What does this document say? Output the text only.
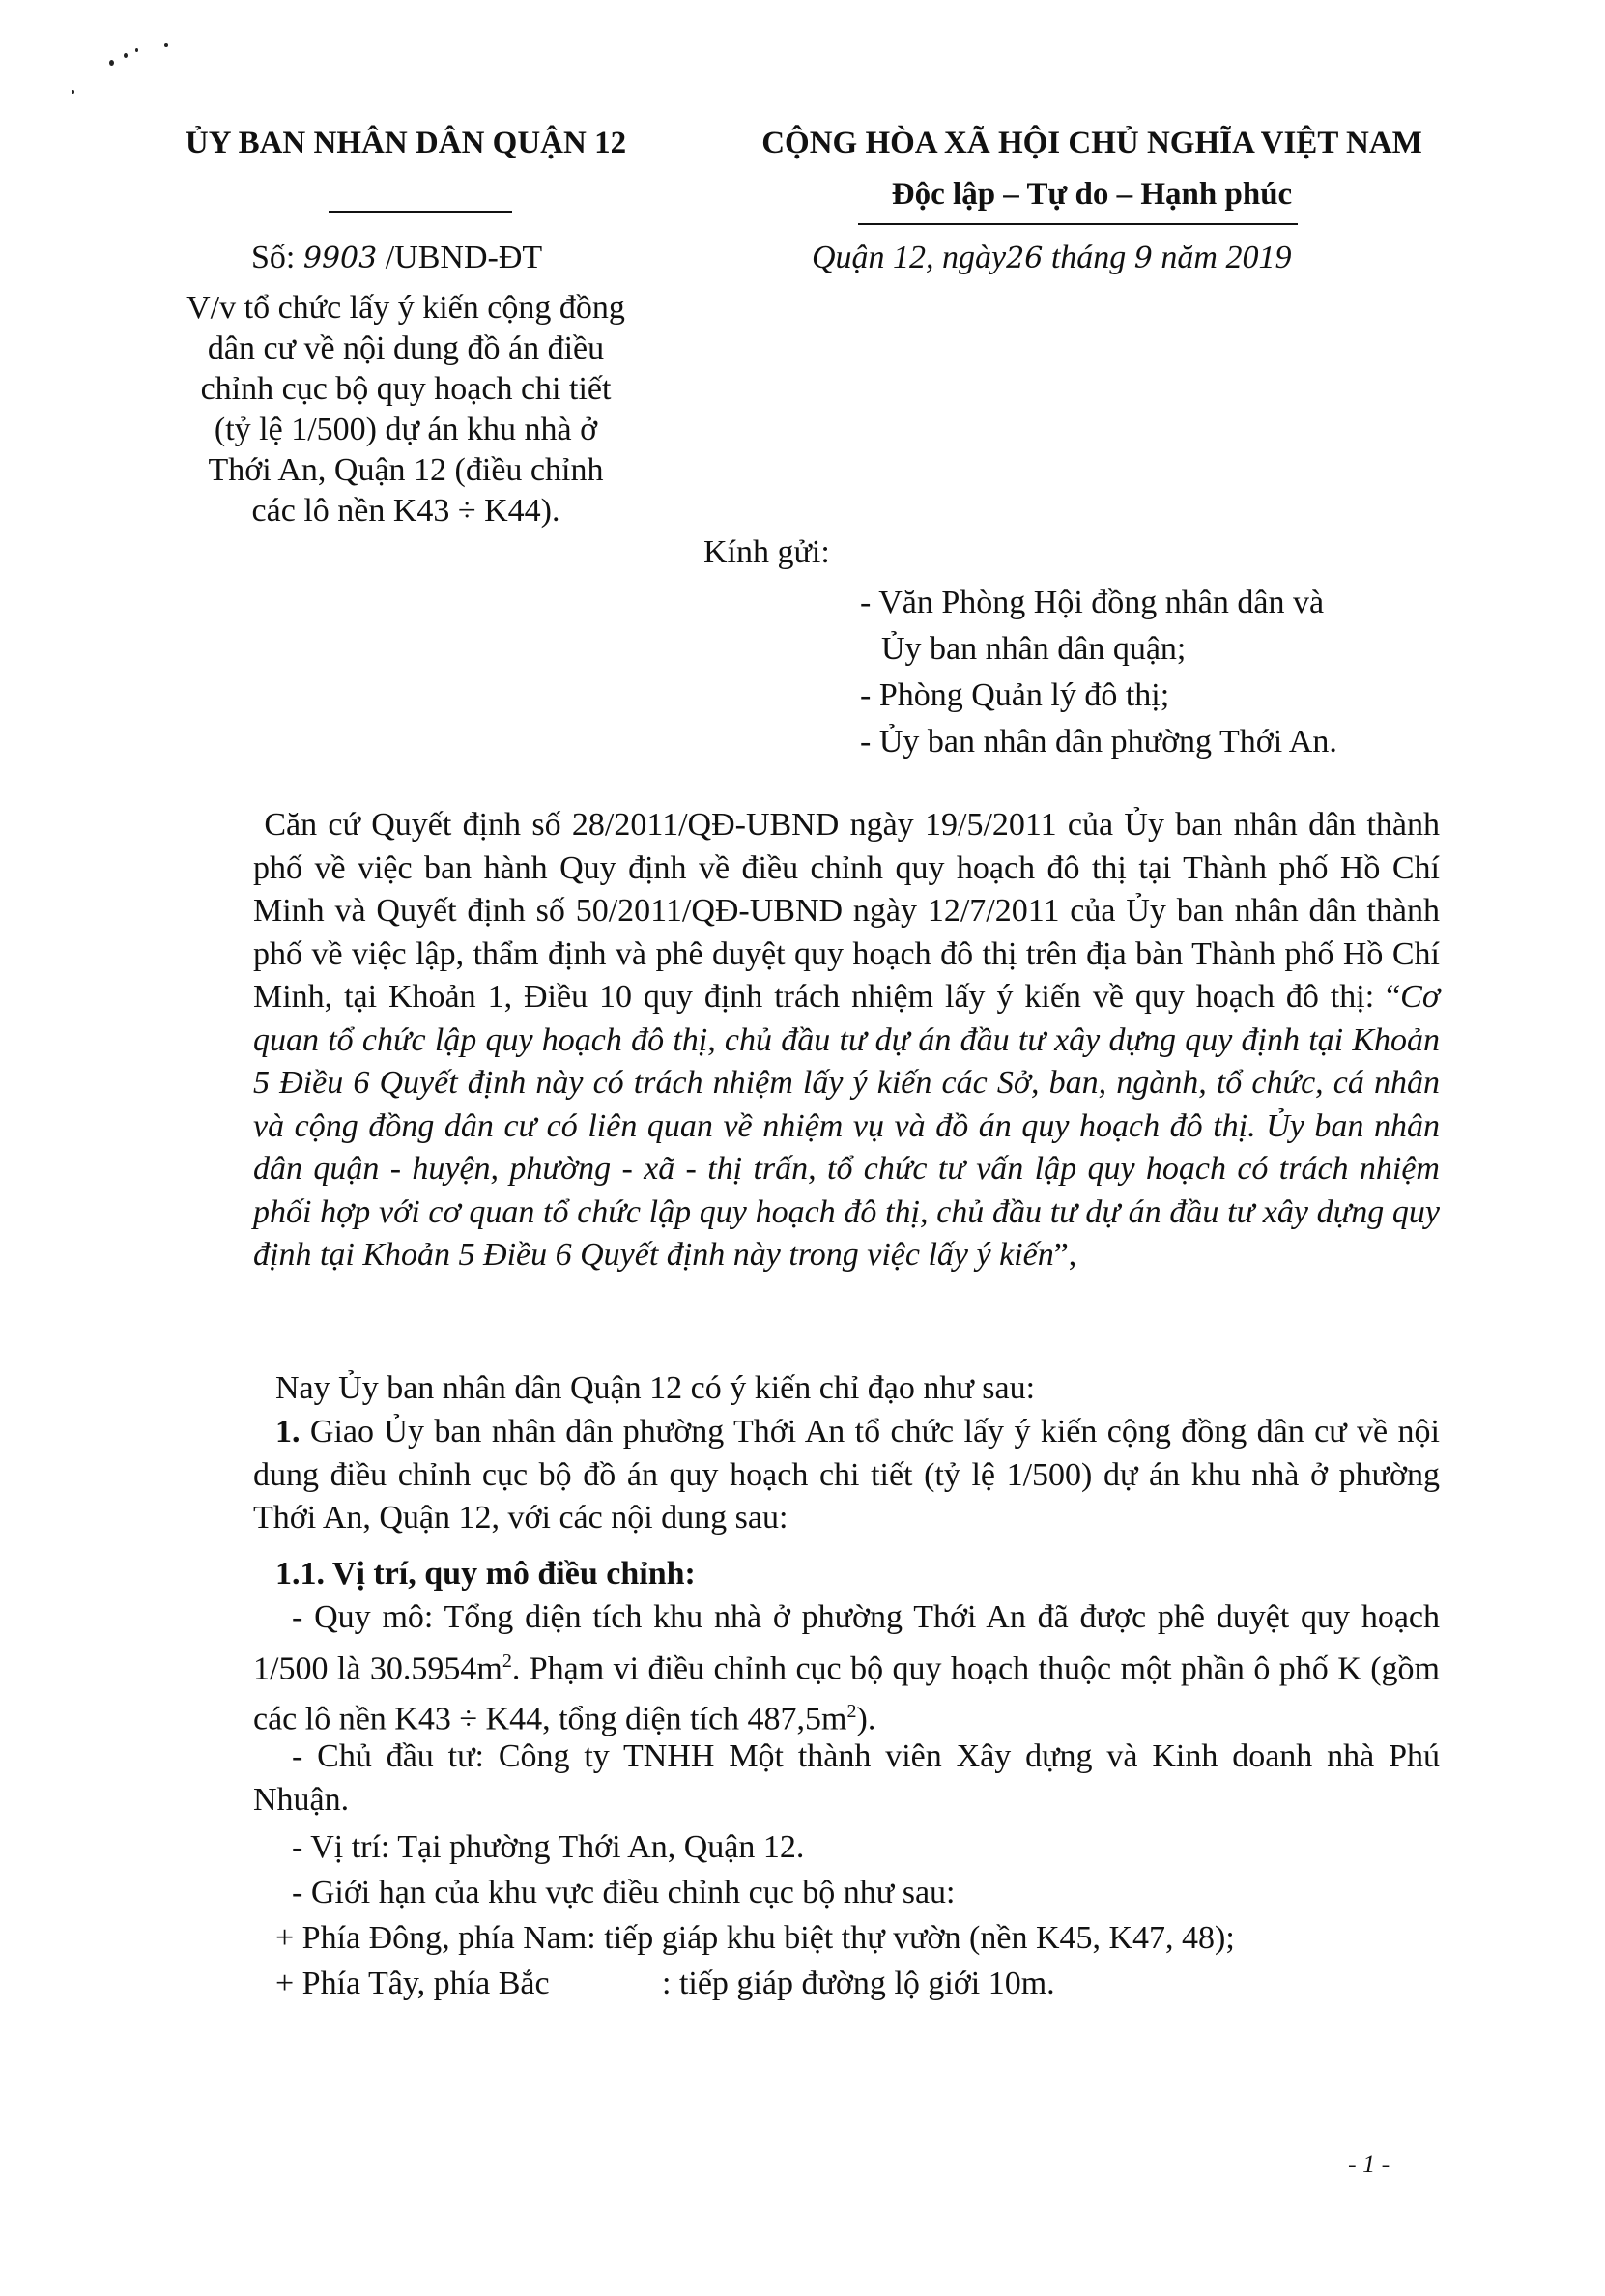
ỦY BAN NHÂN DÂN QUẬN 12	CỘNG HÒA XÃ HỘI CHỦ NGHĨA VIỆT NAM
Độc lập – Tự do – Hạnh phúc
Số: 9903 /UBND-ĐT	Quận 12, ngày26 tháng 9 năm 2019
V/v tổ chức lấy ý kiến cộng đồng
dân cư về nội dung đồ án điều
chỉnh cục bộ quy hoạch chi tiết
(tỷ lệ 1/500) dự án khu nhà ở
Thới An, Quận 12 (điều chỉnh
các lô nền K43 ÷ K44).
Kính gửi:
- Văn Phòng Hội đồng nhân dân và
Ủy ban nhân dân quận;
- Phòng Quản lý đô thị;
- Ủy ban nhân dân phường Thới An.
Căn cứ Quyết định số 28/2011/QĐ-UBND ngày 19/5/2011 của Ủy ban nhân dân thành phố về việc ban hành Quy định về điều chỉnh quy hoạch đô thị tại Thành phố Hồ Chí Minh và Quyết định số 50/2011/QĐ-UBND ngày 12/7/2011 của Ủy ban nhân dân thành phố về việc lập, thẩm định và phê duyệt quy hoạch đô thị trên địa bàn Thành phố Hồ Chí Minh, tại Khoản 1, Điều 10 quy định trách nhiệm lấy ý kiến về quy hoạch đô thị: “Cơ quan tổ chức lập quy hoạch đô thị, chủ đầu tư dự án đầu tư xây dựng quy định tại Khoản 5 Điều 6 Quyết định này có trách nhiệm lấy ý kiến các Sở, ban, ngành, tổ chức, cá nhân và cộng đồng dân cư có liên quan về nhiệm vụ và đồ án quy hoạch đô thị. Ủy ban nhân dân quận - huyện, phường - xã - thị trấn, tổ chức tư vấn lập quy hoạch có trách nhiệm phối hợp với cơ quan tổ chức lập quy hoạch đô thị, chủ đầu tư dự án đầu tư xây dựng quy định tại Khoản 5 Điều 6 Quyết định này trong việc lấy ý kiến”,
Nay Ủy ban nhân dân Quận 12 có ý kiến chỉ đạo như sau:
1. Giao Ủy ban nhân dân phường Thới An tổ chức lấy ý kiến cộng đồng dân cư về nội dung điều chỉnh cục bộ đồ án quy hoạch chi tiết (tỷ lệ 1/500) dự án khu nhà ở phường Thới An, Quận 12, với các nội dung sau:
1.1. Vị trí, quy mô điều chỉnh:
- Quy mô: Tổng diện tích khu nhà ở phường Thới An đã được phê duyệt quy hoạch 1/500 là $30.5954m^2$. Phạm vi điều chỉnh cục bộ quy hoạch thuộc một phần ô phố K (gồm các lô nền K43 ÷ K44, tổng diện tích $487,5m^2$).
- Chủ đầu tư: Công ty TNHH Một thành viên Xây dựng và Kinh doanh nhà Phú Nhuận.
- Vị trí: Tại phường Thới An, Quận 12.
- Giới hạn của khu vực điều chỉnh cục bộ như sau:
+ Phía Đông, phía Nam: tiếp giáp khu biệt thự vườn (nền K45, K47, 48);
+ Phía Tây, phía Bắc	: tiếp giáp đường lộ giới 10m.
- 1 -
